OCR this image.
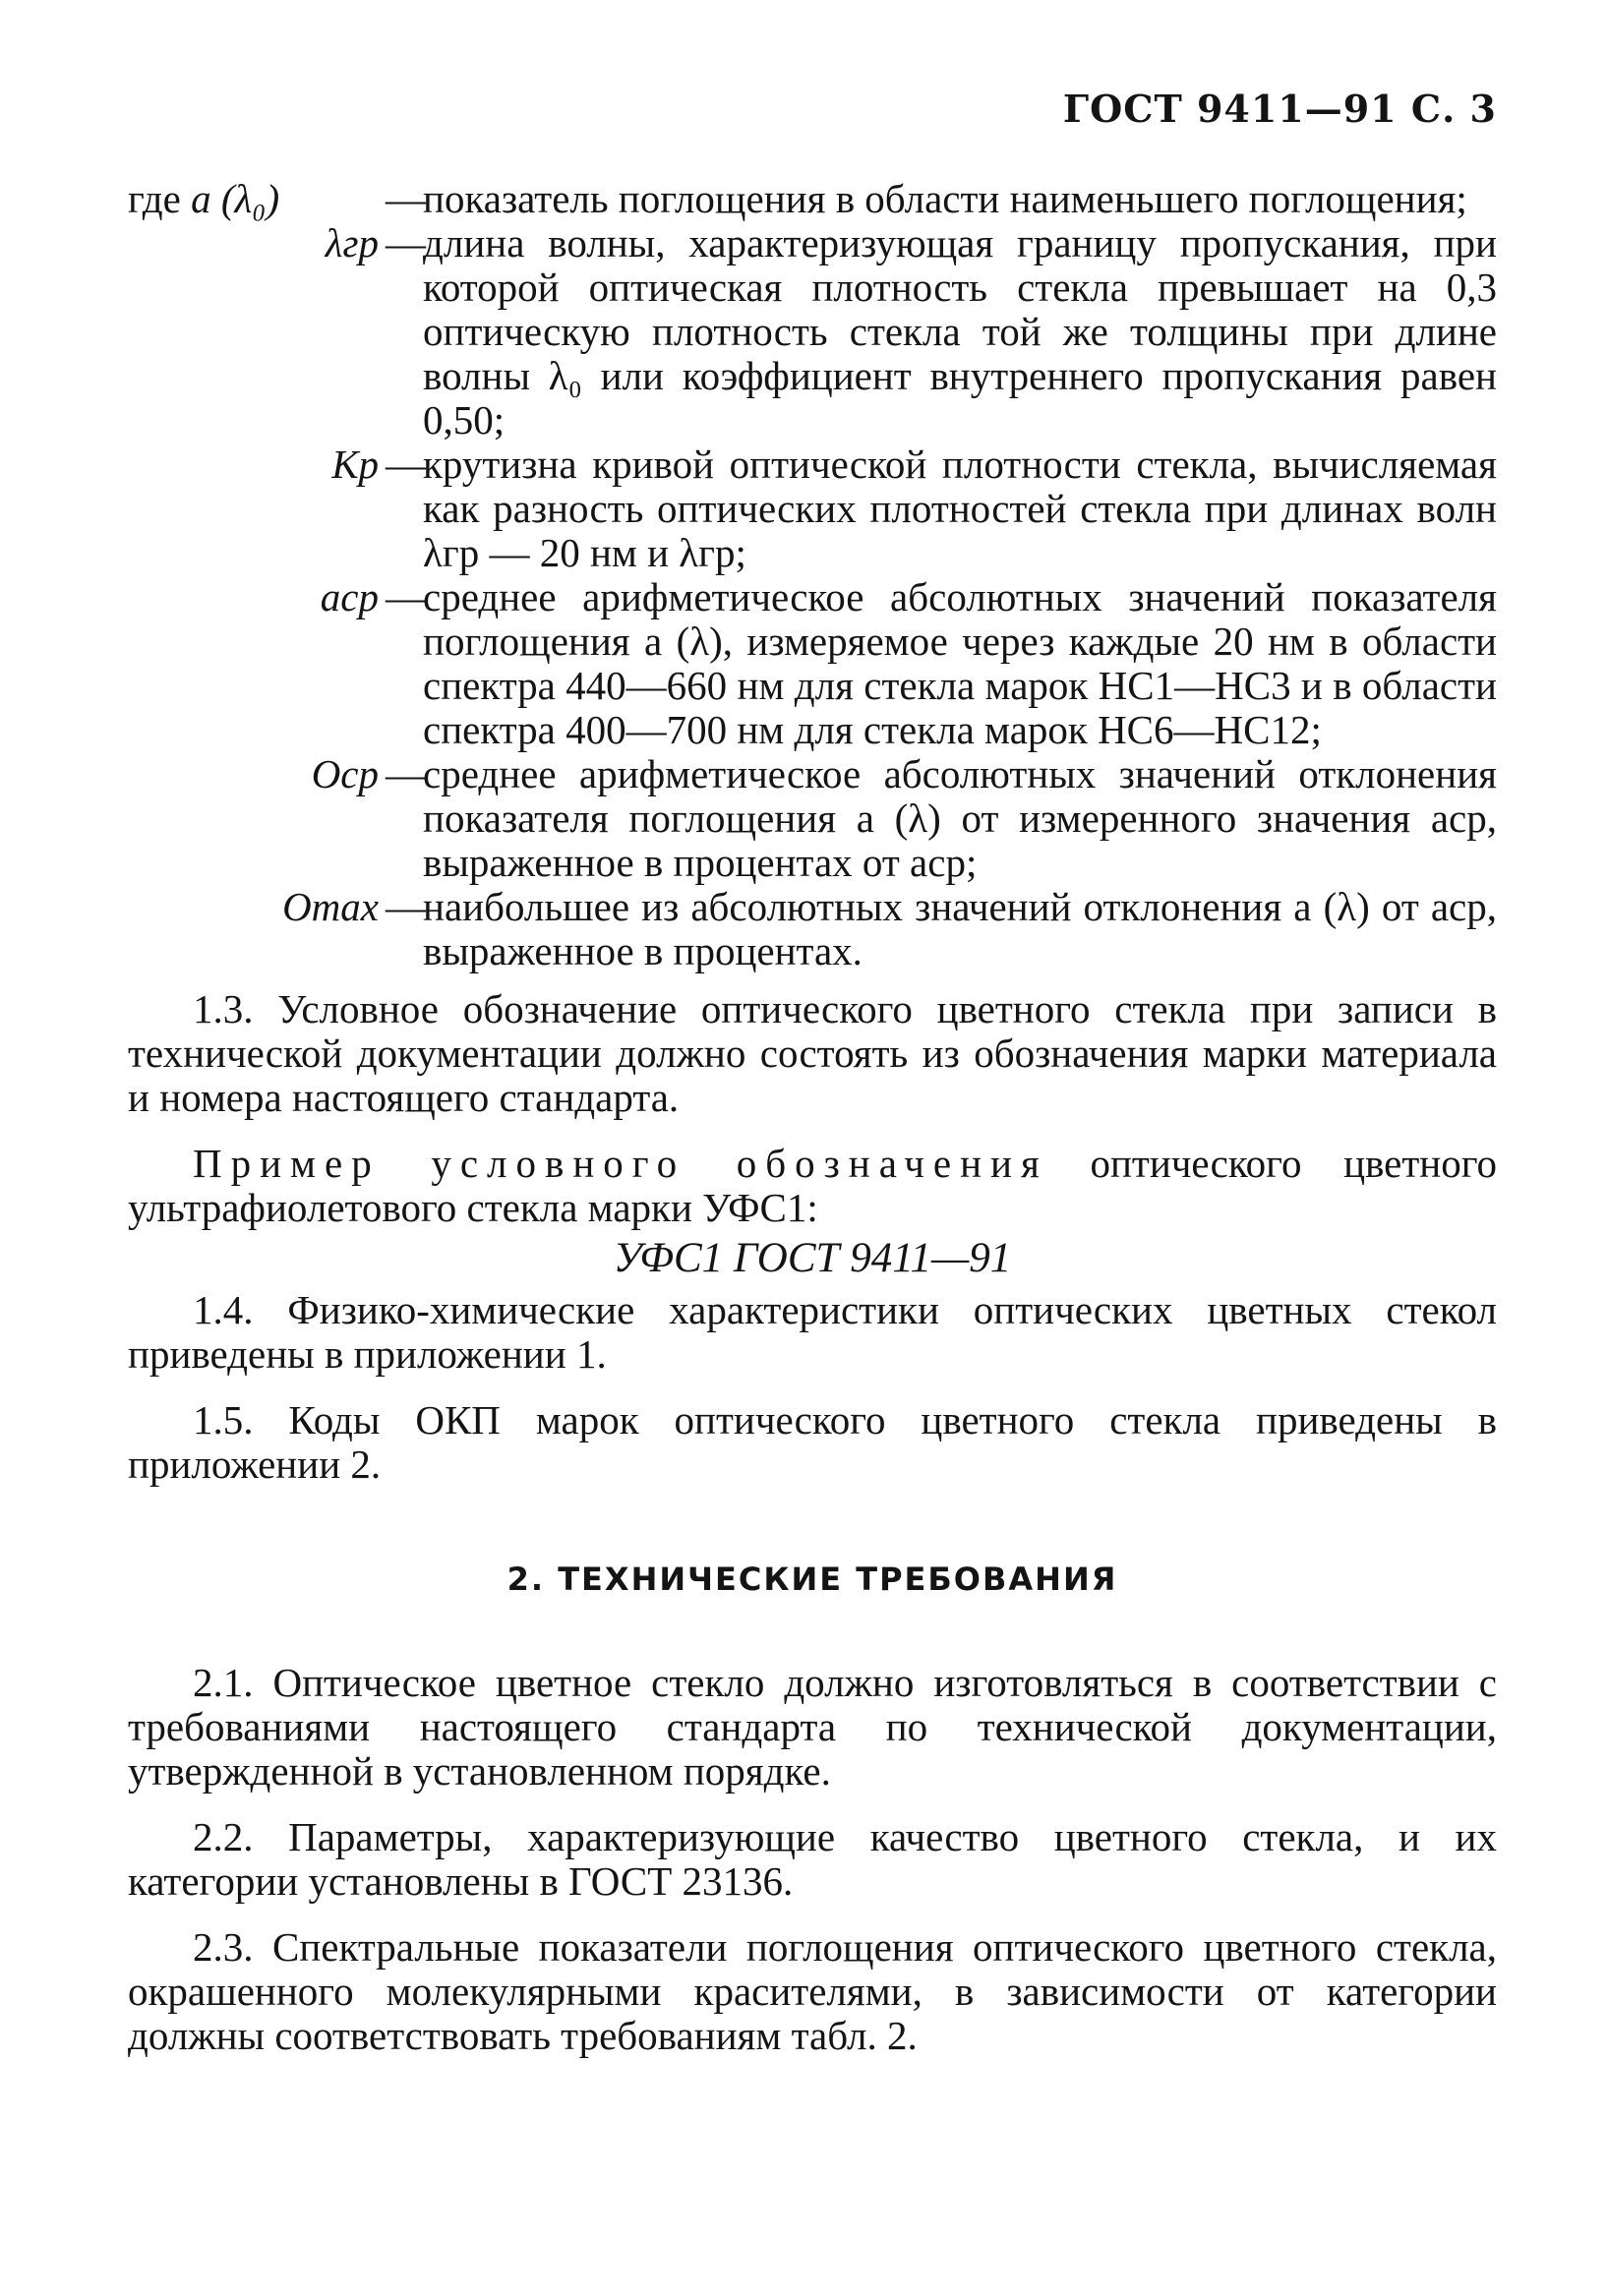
ГОСТ 9411—91 С. 3
где а (λ₀)	—
показатель поглощения в области наименьшего поглощения;
λгр —
длина волны, характеризующая границу пропускания, при которой оптическая плотность стекла превышает на 0,3 оптическую плотность стекла той же толщины при длине волны λ₀ или коэффициент внутреннего пропускания равен 0,50;
Кр —
крутизна кривой оптической плотности стекла, вычисляемая как разность оптических плотностей стекла при длинах волн λгр — 20 нм и λгр;
аср —
среднее арифметическое абсолютных значений показателя поглощения а (λ), измеряемое через каждые 20 нм в области спектра 440—660 нм для стекла марок НС1—НС3 и в области спектра 400—700 нм для стекла марок НС6—НС12;
Оср —
среднее арифметическое абсолютных значений отклонения показателя поглощения а (λ) от измеренного значения аср, выраженное в процентах от аср;
Оmax —
наибольшее из абсолютных значений отклонения а (λ) от аср, выраженное в процентах.

1.3. Условное обозначение оптического цветного стекла при записи в технической документации должно состоять из обозначения марки материала и номера настоящего стандарта.

Пример условного обозначения оптического цветного ультрафиолетового стекла марки УФС1:

УФС1 ГОСТ 9411—91

1.4. Физико-химические характеристики оптических цветных стекол приведены в приложении 1.

1.5. Коды ОКП марок оптического цветного стекла приведены в приложении 2.

2. ТЕХНИЧЕСКИЕ ТРЕБОВАНИЯ

2.1. Оптическое цветное стекло должно изготовляться в соответствии с требованиями настоящего стандарта по технической документации, утвержденной в установленном порядке.

2.2. Параметры, характеризующие качество цветного стекла, и их категории установлены в ГОСТ 23136.

2.3. Спектральные показатели поглощения оптического цветного стекла, окрашенного молекулярными красителями, в зависимости от категории должны соответствовать требованиям табл. 2.
